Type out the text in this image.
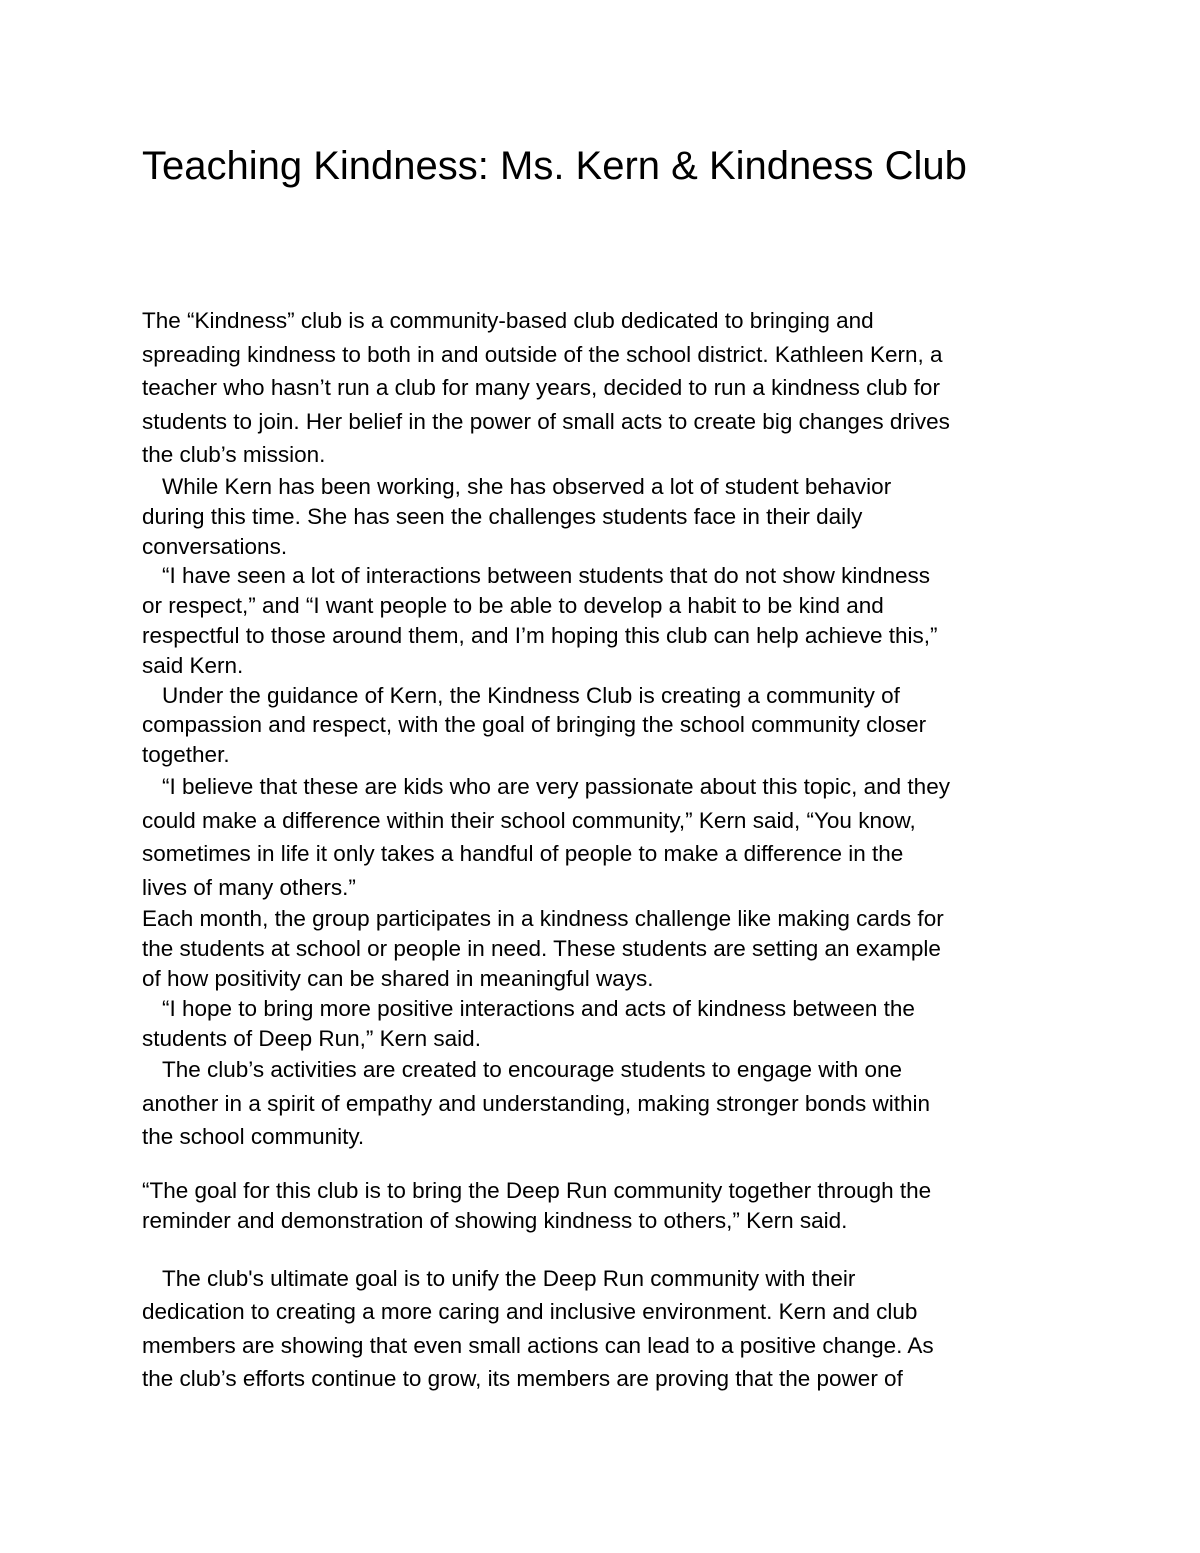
Teaching Kindness: Ms. Kern & Kindness Club

The “Kindness” club is a community-based club dedicated to bringing and
spreading kindness to both in and outside of the school district. Kathleen Kern, a
teacher who hasn’t run a club for many years, decided to run a kindness club for
students to join. Her belief in the power of small acts to create big changes drives
the club’s mission.

While Kern has been working, she has observed a lot of student behavior
during this time. She has seen the challenges students face in their daily
conversations.

“I have seen a lot of interactions between students that do not show kindness
or respect,” and “I want people to be able to develop a habit to be kind and
respectful to those around them, and I’m hoping this club can help achieve this,”
said Kern.

Under the guidance of Kern, the Kindness Club is creating a community of
compassion and respect, with the goal of bringing the school community closer
together.

“I believe that these are kids who are very passionate about this topic, and they
could make a difference within their school community,” Kern said, “You know,
sometimes in life it only takes a handful of people to make a difference in the
lives of many others.”

Each month, the group participates in a kindness challenge like making cards for
the students at school or people in need. These students are setting an example
of how positivity can be shared in meaningful ways.

“I hope to bring more positive interactions and acts of kindness between the
students of Deep Run,” Kern said.

The club’s activities are created to encourage students to engage with one
another in a spirit of empathy and understanding, making stronger bonds within
the school community.

“The goal for this club is to bring the Deep Run community together through the
reminder and demonstration of showing kindness to others,” Kern said.

The club's ultimate goal is to unify the Deep Run community with their
dedication to creating a more caring and inclusive environment. Kern and club
members are showing that even small actions can lead to a positive change. As
the club’s efforts continue to grow, its members are proving that the power of
